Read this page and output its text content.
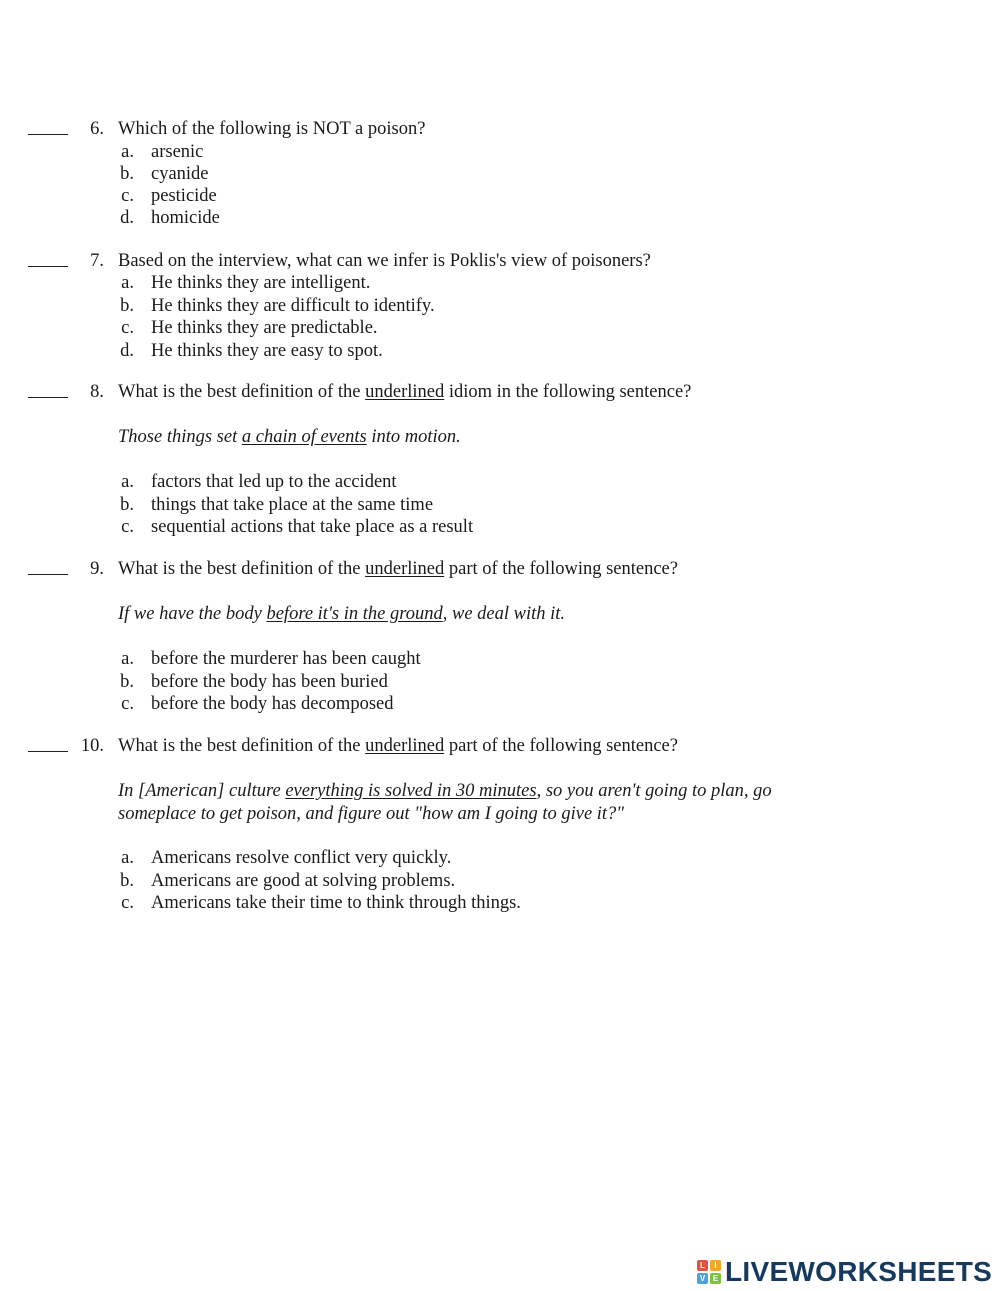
6. Which of the following is NOT a poison?
a. arsenic
b. cyanide
c. pesticide
d. homicide
7. Based on the interview, what can we infer is Poklis's view of poisoners?
a. He thinks they are intelligent.
b. He thinks they are difficult to identify.
c. He thinks they are predictable.
d. He thinks they are easy to spot.
8. What is the best definition of the underlined idiom in the following sentence?
Those things set a chain of events into motion.
a. factors that led up to the accident
b. things that take place at the same time
c. sequential actions that take place as a result
9. What is the best definition of the underlined part of the following sentence?
If we have the body before it's in the ground, we deal with it.
a. before the murderer has been caught
b. before the body has been buried
c. before the body has decomposed
10. What is the best definition of the underlined part of the following sentence?
In [American] culture everything is solved in 30 minutes, so you aren't going to plan, go
someplace to get poison, and figure out "how am I going to give it?"
a. Americans resolve conflict very quickly.
b. Americans are good at solving problems.
c. Americans take their time to think through things.
L	I
V E LIVEWORKSHEETS
